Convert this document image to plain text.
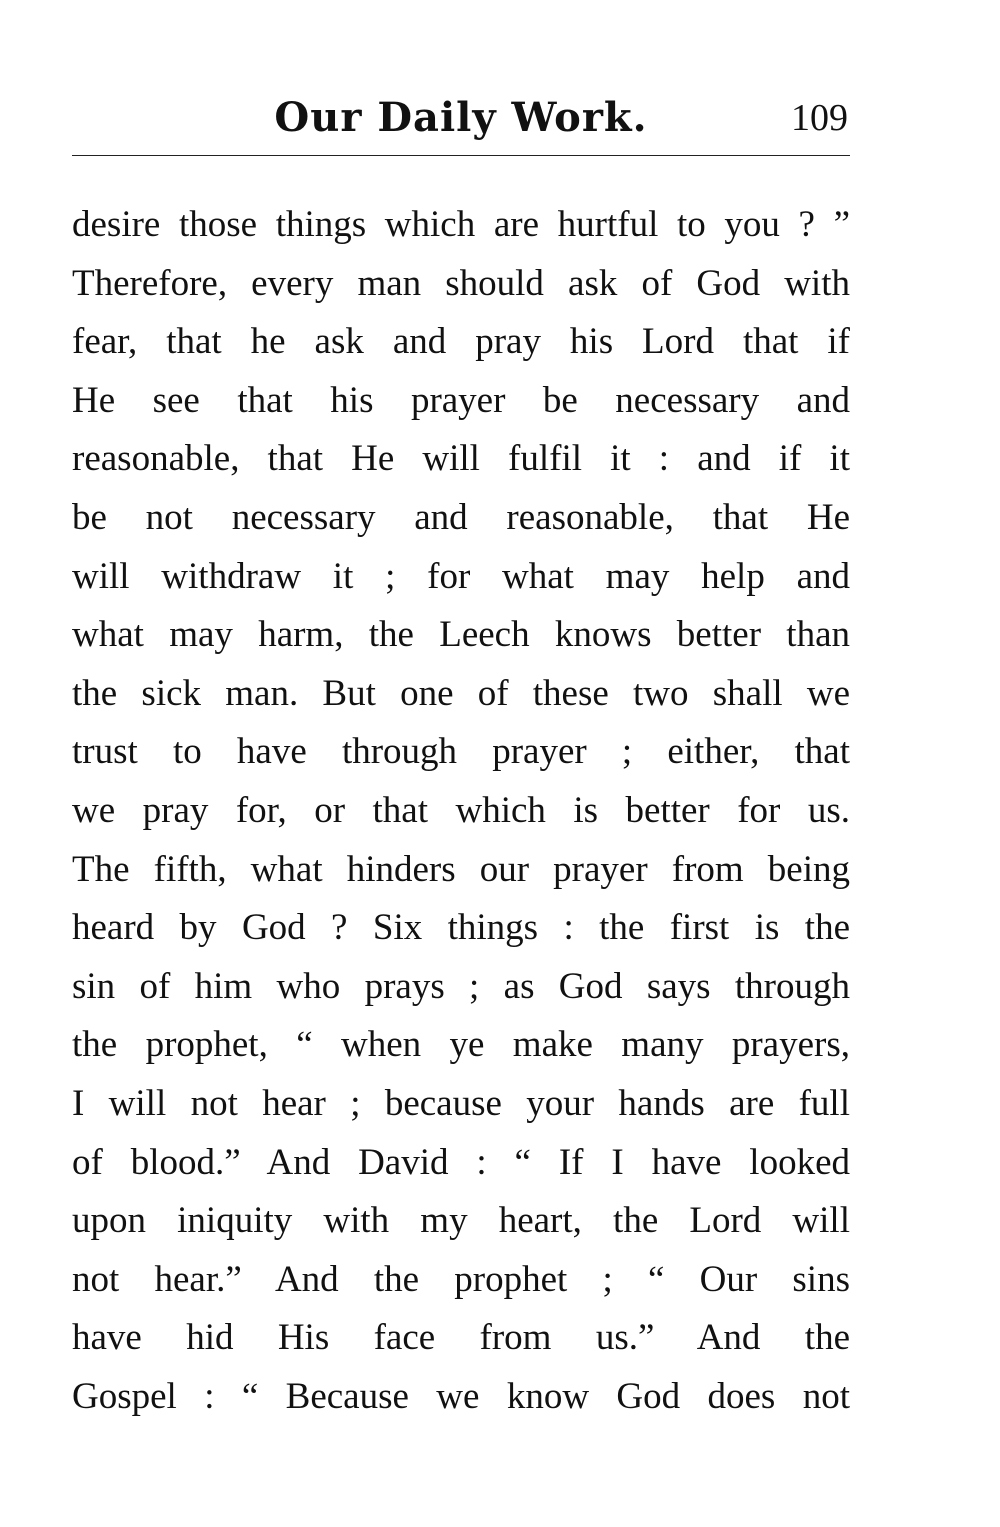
Our Daily Work.	109
desire those things which are hurtful to you ? ”
Therefore, every man should ask of God with
fear, that he ask and pray his Lord that if
He see that his prayer be necessary and
reasonable, that He will fulfil it : and if it
be not necessary and reasonable, that He
will withdraw it ; for what may help and
what may harm, the Leech knows better than
the sick man. But one of these two shall we
trust to have through prayer ; either, that
we pray for, or that which is better for us.
The fifth, what hinders our prayer from being
heard by God ? Six things : the first is the
sin of him who prays ; as God says through
the prophet, “ when ye make many prayers,
I will not hear ; because your hands are full
of blood.” And David : “ If I have looked
upon iniquity with my heart, the Lord will
not hear.” And the prophet ; “ Our sins
have hid His face from us.” And the
Gospel : “ Because we know God does not
